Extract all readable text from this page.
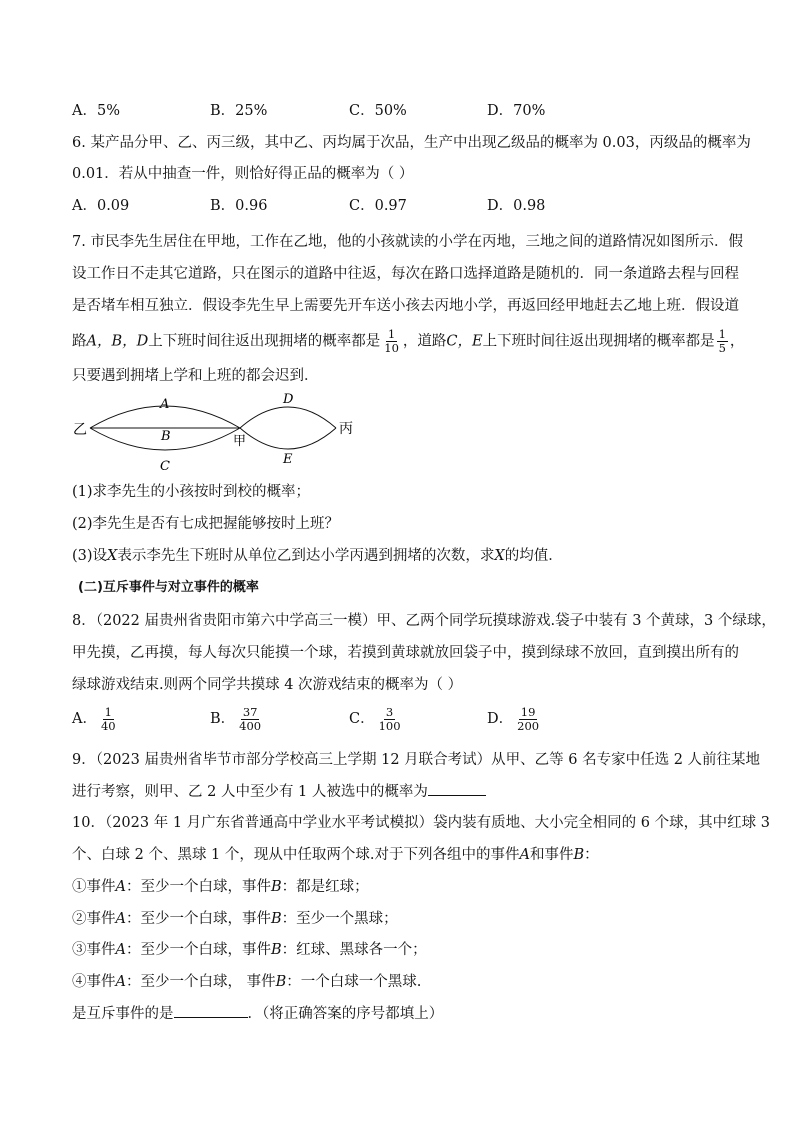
A．5%	B．25%	C．50%	D．70%
6. 某产品分甲、乙、丙三级，其中乙、丙均属于次品，生产中出现乙级品的概率为 0.03，丙级品的概率为
0.01．若从中抽查一件，则恰好得正品的概率为（ ）
A．0.09	B．0.96	C．0.97	D．0.98
7. 市民李先生居住在甲地，工作在乙地，他的小孩就读的小学在丙地，三地之间的道路情况如图所示．假
设工作日不走其它道路，只在图示的道路中往返，每次在路口选择道路是随机的．同一条道路去程与回程
是否堵车相互独立．假设李先生早上需要先开车送小孩去丙地小学，再返回经甲地赶去乙地上班．假设道
路A，B，D上下班时间往返出现拥堵的概率都是 $\frac{1}{10}$ ，道路C，E上下班时间往返出现拥堵的概率都是 $\frac{1}{5}$ ，
只要遇到拥堵上学和上班的都会迟到．
乙
甲
丙
A
B
C
D
E
(1)求李先生的小孩按时到校的概率；
(2)李先生是否有七成把握能够按时上班？
(3)设X表示李先生下班时从单位乙到达小学丙遇到拥堵的次数，求X的均值．
(二)互斥事件与对立事件的概率
8．（2022 届贵州省贵阳市第六中学高三一模）甲、乙两个同学玩摸球游戏.袋子中装有 3 个黄球，3 个绿球，
甲先摸，乙再摸，每人每次只能摸一个球，若摸到黄球就放回袋子中，摸到绿球不放回，直到摸出所有的
绿球游戏结束.则两个同学共摸球 4 次游戏结束的概率为（ ）
A． $\frac{1}{40}$	B． $\frac{37}{400}$	C． $\frac{3}{100}$	D． $\frac{19}{200}$
9．（2023 届贵州省毕节市部分学校高三上学期 12 月联合考试）从甲、乙等 6 名专家中任选 2 人前往某地
进行考察，则甲、乙 2 人中至少有 1 人被选中的概率为
10．（2023 年 1 月广东省普通高中学业水平考试模拟）袋内装有质地、大小完全相同的 6 个球，其中红球 3
个、白球 2 个、黑球 1 个，现从中任取两个球.对于下列各组中的事件A和事件B：
①事件A：至少一个白球，事件B：都是红球；
②事件A：至少一个白球，事件B：至少一个黑球；
③事件A：至少一个白球，事件B：红球、黑球各一个；
④事件A：至少一个白球， 事件B：一个白球一个黑球.
是互斥事件的是	．（将正确答案的序号都填上）
